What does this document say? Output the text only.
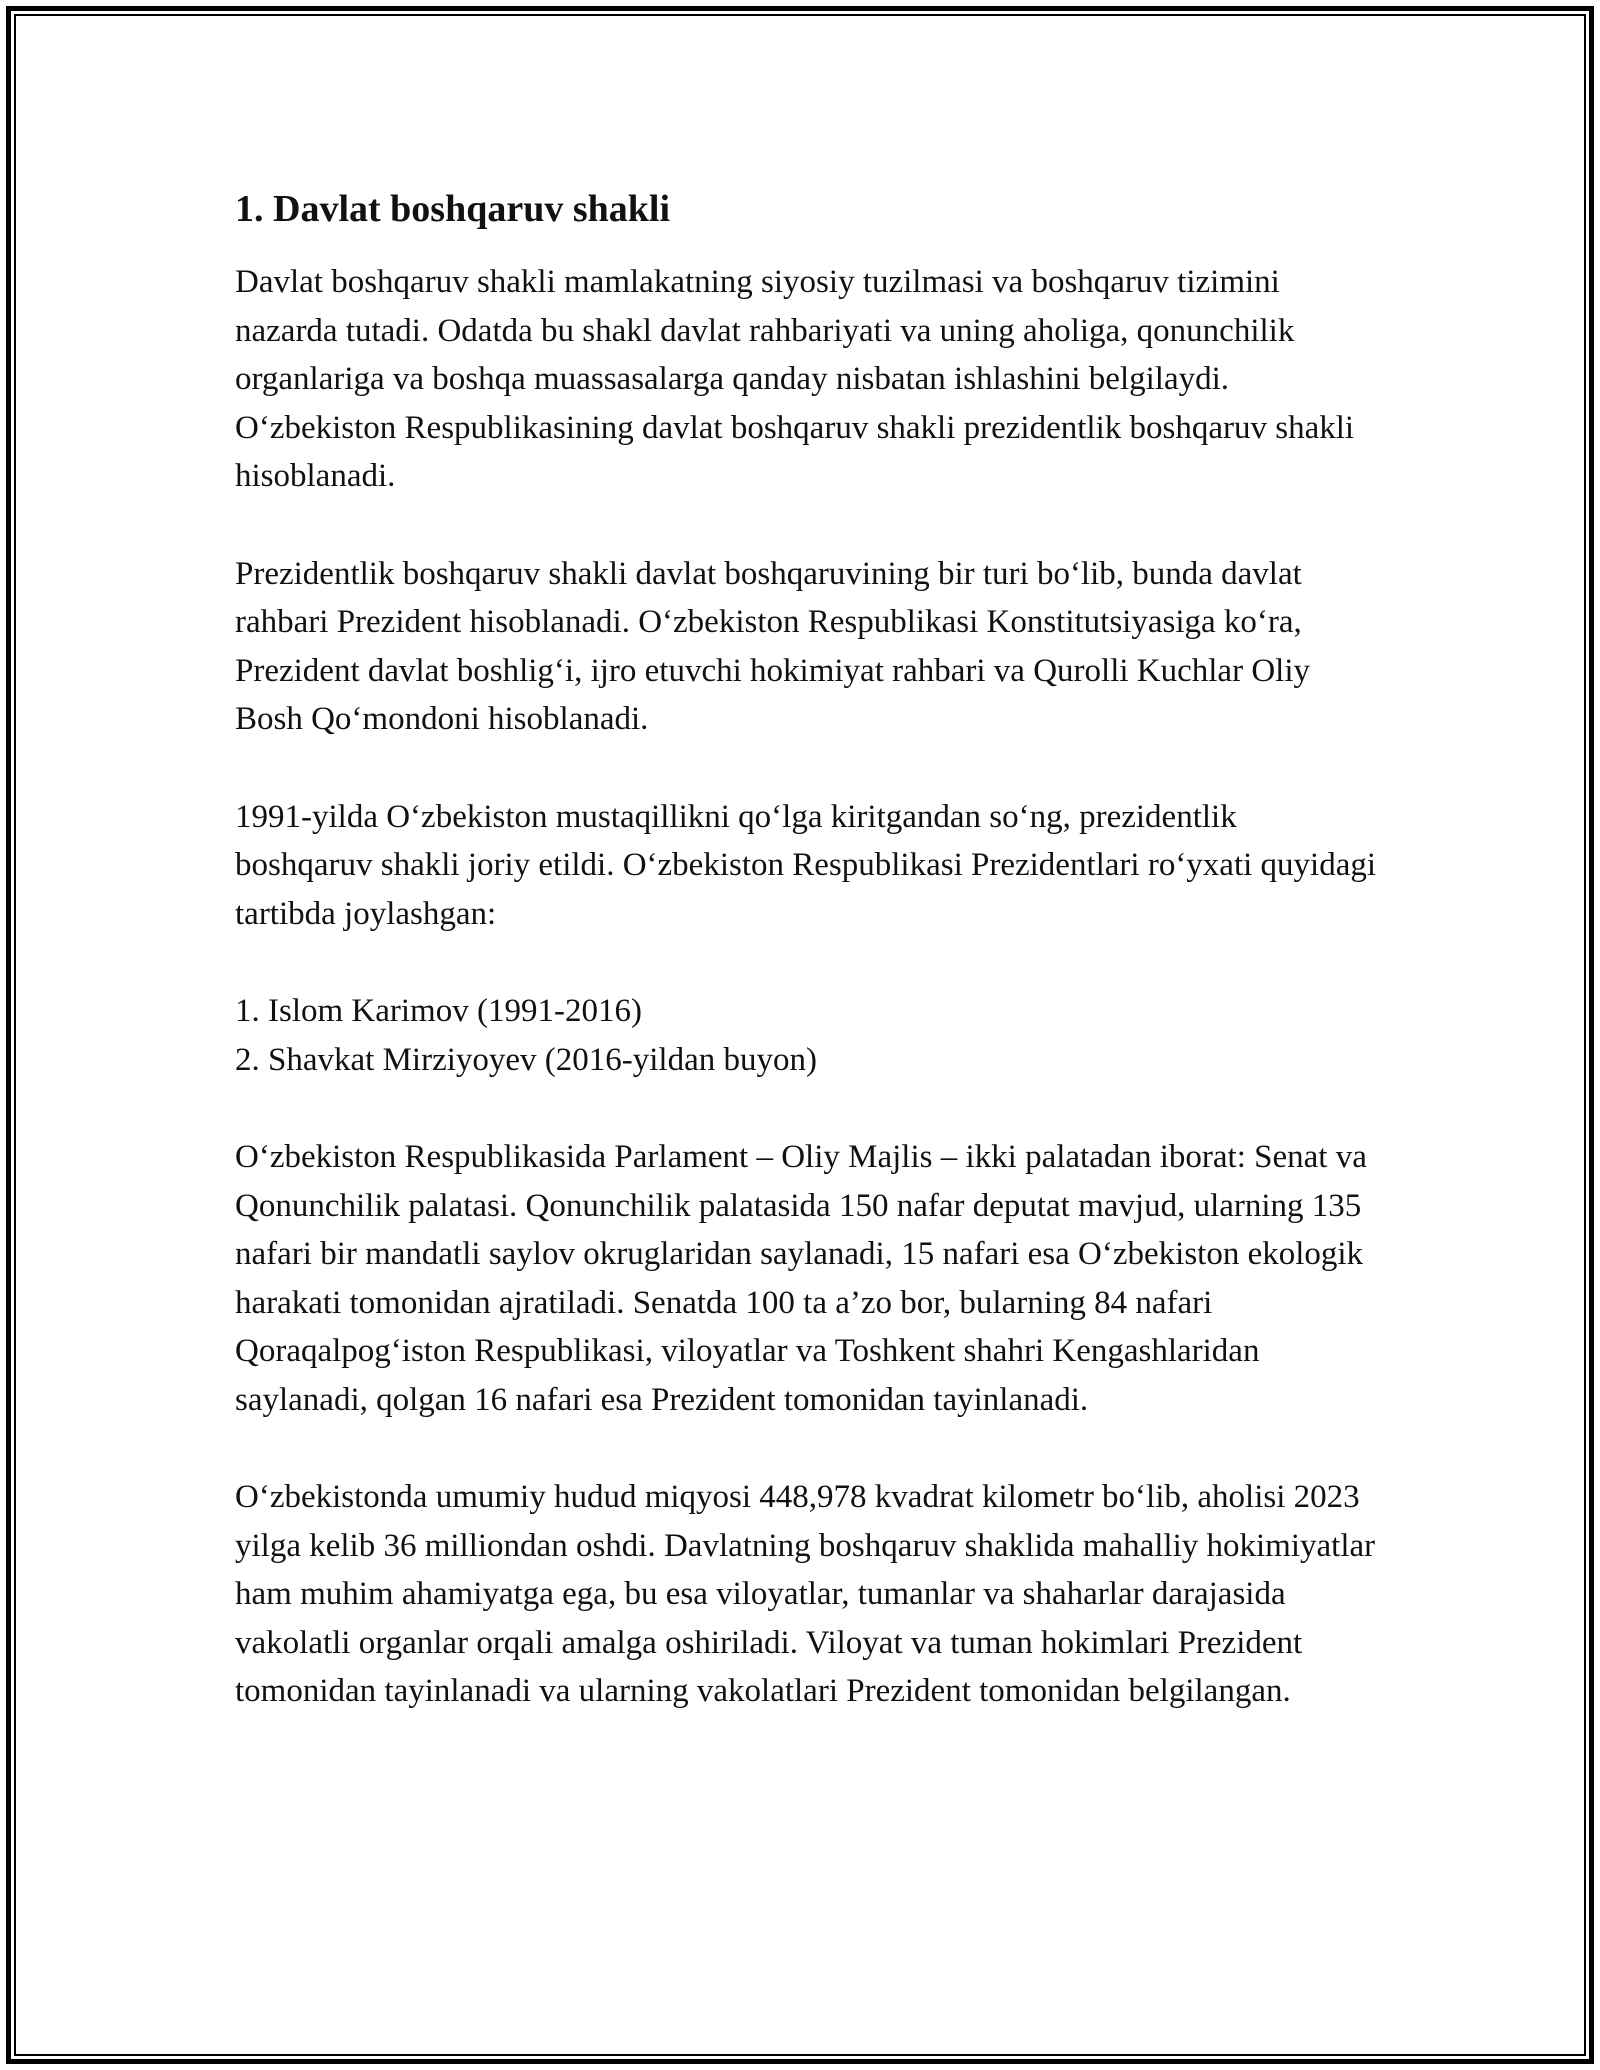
1. Davlat boshqaruv shakli

Davlat boshqaruv shakli mamlakatning siyosiy tuzilmasi va boshqaruv tizimini nazarda tutadi. Odatda bu shakl davlat rahbariyati va uning aholiga, qonunchilik organlariga va boshqa muassasalarga qanday nisbatan ishlashini belgilaydi. O‘zbekiston Respublikasining davlat boshqaruv shakli prezidentlik boshqaruv shakli hisoblanadi.

Prezidentlik boshqaruv shakli davlat boshqaruvining bir turi bo‘lib, bunda davlat rahbari Prezident hisoblanadi. O‘zbekiston Respublikasi Konstitutsiyasiga ko‘ra, Prezident davlat boshlig‘i, ijro etuvchi hokimiyat rahbari va Qurolli Kuchlar Oliy Bosh Qo‘mondoni hisoblanadi.

1991-yilda O‘zbekiston mustaqillikni qo‘lga kiritgandan so‘ng, prezidentlik boshqaruv shakli joriy etildi. O‘zbekiston Respublikasi Prezidentlari ro‘yxati quyidagi tartibda joylashgan:

1. Islom Karimov (1991-2016)
2. Shavkat Mirziyoyev (2016-yildan buyon)

O‘zbekiston Respublikasida Parlament – Oliy Majlis – ikki palatadan iborat: Senat va Qonunchilik palatasi. Qonunchilik palatasida 150 nafar deputat mavjud, ularning 135 nafari bir mandatli saylov okruglaridan saylanadi, 15 nafari esa O‘zbekiston ekologik harakati tomonidan ajratiladi. Senatda 100 ta a’zo bor, bularning 84 nafari Qoraqalpog‘iston Respublikasi, viloyatlar va Toshkent shahri Kengashlaridan saylanadi, qolgan 16 nafari esa Prezident tomonidan tayinlanadi.

O‘zbekistonda umumiy hudud miqyosi 448,978 kvadrat kilometr bo‘lib, aholisi 2023 yilga kelib 36 milliondan oshdi. Davlatning boshqaruv shaklida mahalliy hokimiyatlar ham muhim ahamiyatga ega, bu esa viloyatlar, tumanlar va shaharlar darajasida vakolatli organlar orqali amalga oshiriladi. Viloyat va tuman hokimlari Prezident tomonidan tayinlanadi va ularning vakolatlari Prezident tomonidan belgilangan.
